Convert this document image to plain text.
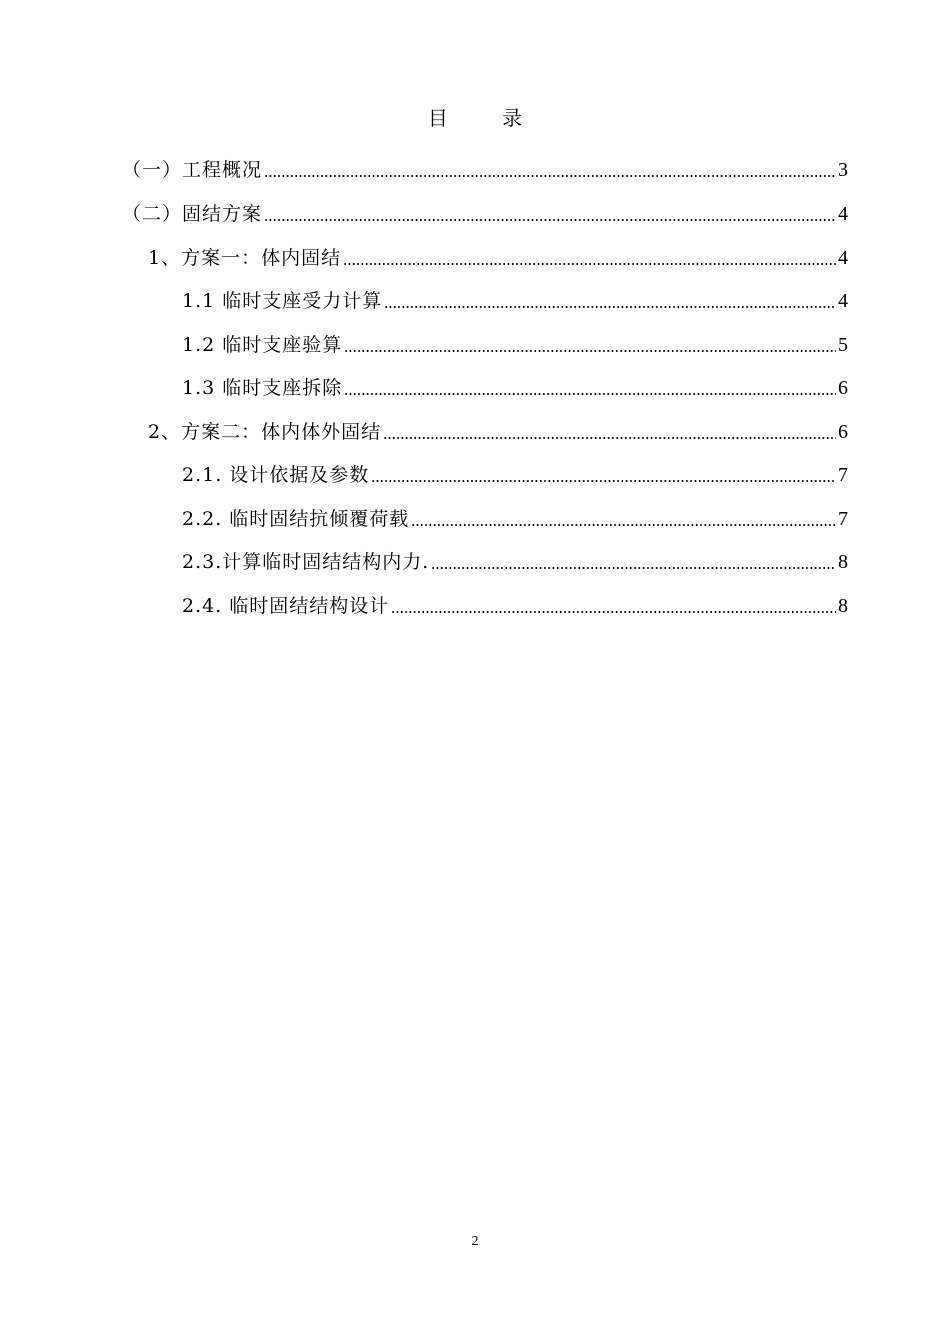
目 录
（一）工程概况	3
（二）固结方案	4
1、方案一：体内固结	4
1.1 临时支座受力计算	4
1.2 临时支座验算	5
1.3 临时支座拆除	6
2、方案二：体内体外固结	6
2.1. 设计依据及参数	7
2.2. 临时固结抗倾覆荷载	7
2.3.计算临时固结结构内力.	8
2.4. 临时固结结构设计	8
2
